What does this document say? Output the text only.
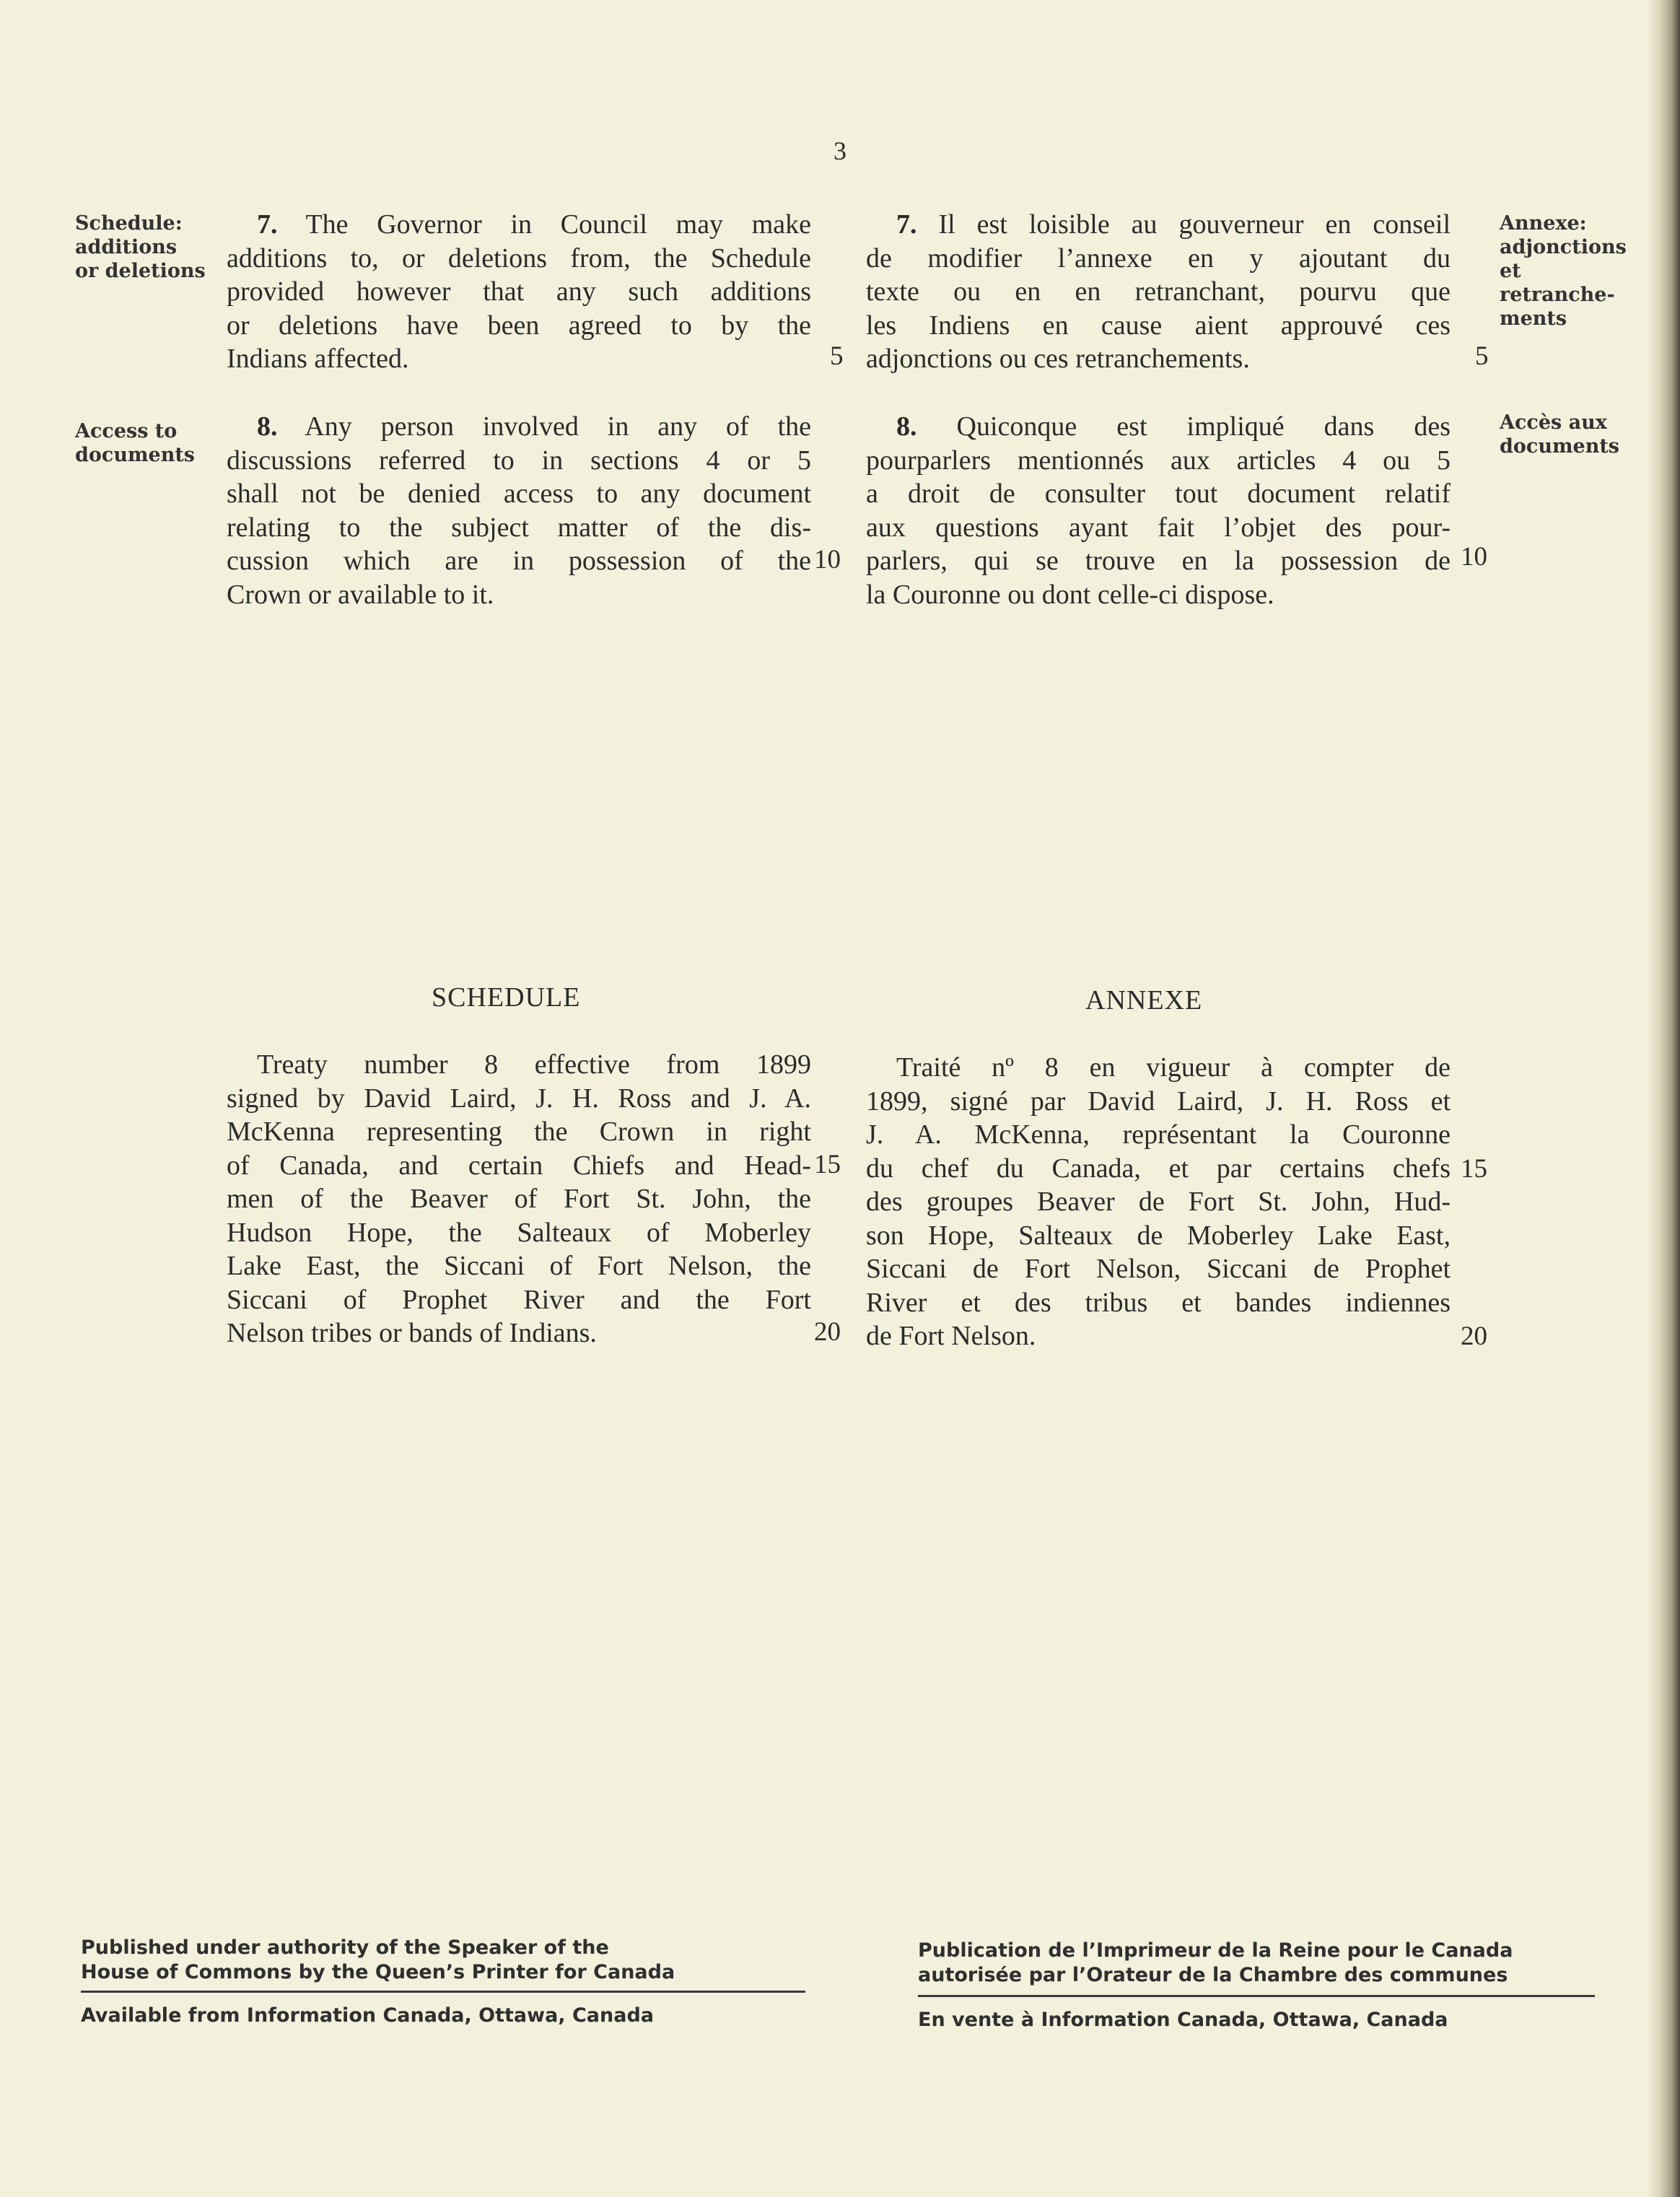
3
Schedule:
additions
or deletions
7. The Governor in Council may make
additions to, or deletions from, the Schedule
provided however that any such additions
or deletions have been agreed to by the
Indians affected.	5
7. Il est loisible au gouverneur en conseil
de modifier l’annexe en y ajoutant du
texte ou en en retranchant, pourvu que
les Indiens en cause aient approuvé ces
adjonctions ou ces retranchements.
Annexe:
adjonctions
et
retranche-
ments
5
Access to
documents
8. Any person involved in any of the
discussions referred to in sections 4 or 5
shall not be denied access to any document
relating to the subject matter of the dis-
cussion which are in possession of the
Crown or available to it.
10
8. Quiconque est impliqué dans des
pourparlers mentionnés aux articles 4 ou 5
a droit de consulter tout document relatif
aux questions ayant fait l’objet des pour-
parlers, qui se trouve en la possession de
la Couronne ou dont celle-ci dispose.
Accès aux
documents
10
SCHEDULE	ANNEXE
Treaty number 8 effective from 1899
signed by David Laird, J. H. Ross and J. A.
McKenna representing the Crown in right
of Canada, and certain Chiefs and Head-
men of the Beaver of Fort St. John, the
Hudson Hope, the Salteaux of Moberley
Lake East, the Siccani of Fort Nelson, the
Siccani of Prophet River and the Fort
Nelson tribes or bands of Indians.
15
20
Traité nº 8 en vigueur à compter de
1899, signé par David Laird, J. H. Ross et
J. A. McKenna, représentant la Couronne
du chef du Canada, et par certains chefs
des groupes Beaver de Fort St. John, Hud-
son Hope, Salteaux de Moberley Lake East,
Siccani de Fort Nelson, Siccani de Prophet
River et des tribus et bandes indiennes
de Fort Nelson.
15
20
Published under authority of the Speaker of the
House of Commons by the Queen’s Printer for Canada
Available from Information Canada, Ottawa, Canada
Publication de l’Imprimeur de la Reine pour le Canada
autorisée par l’Orateur de la Chambre des communes
En vente à Information Canada, Ottawa, Canada
